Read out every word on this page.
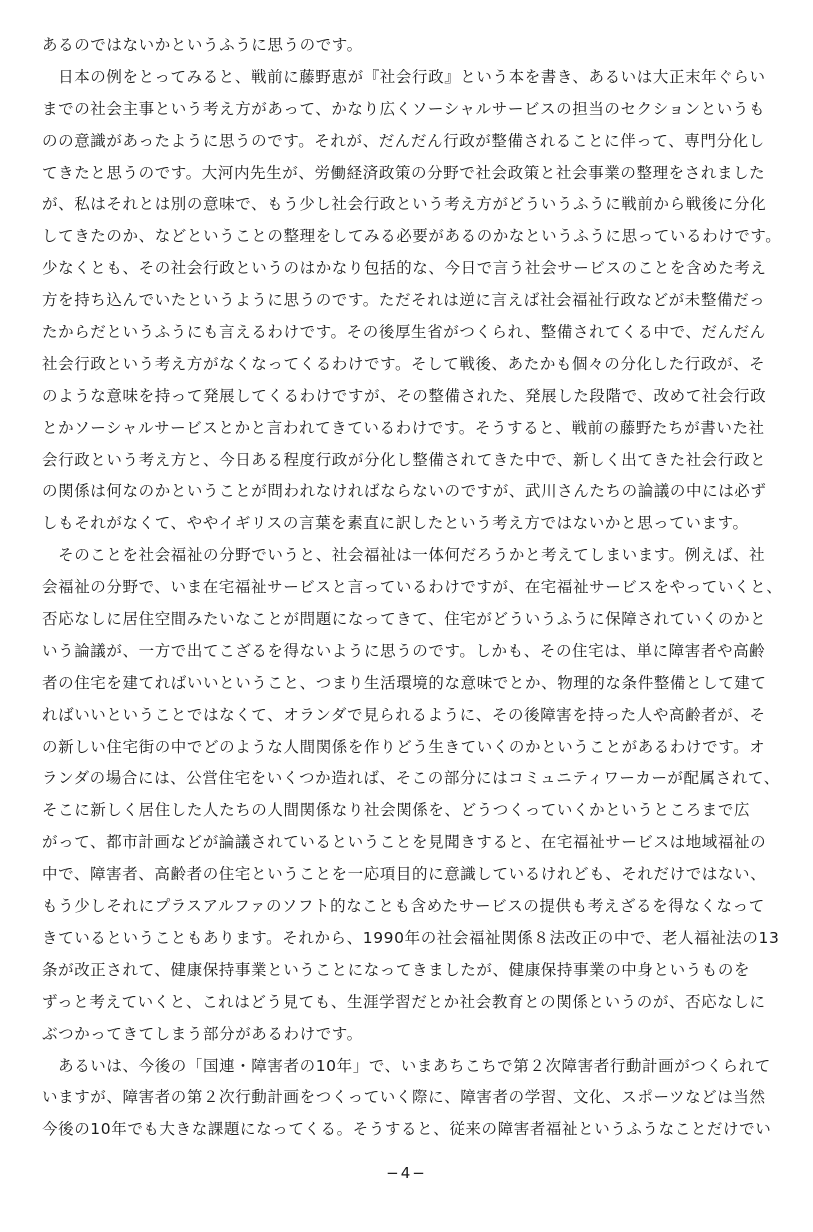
あるのではないかというふうに思うのです。
　日本の例をとってみると、戦前に藤野恵が『社会行政』という本を書き、あるいは大正末年ぐらい
までの社会主事という考え方があって、かなり広くソーシャルサービスの担当のセクションというも
のの意識があったように思うのです。それが、だんだん行政が整備されることに伴って、専門分化し
てきたと思うのです。大河内先生が、労働経済政策の分野で社会政策と社会事業の整理をされました
が、私はそれとは別の意味で、もう少し社会行政という考え方がどういうふうに戦前から戦後に分化
してきたのか、などということの整理をしてみる必要があるのかなというふうに思っているわけです。
少なくとも、その社会行政というのはかなり包括的な、今日で言う社会サービスのことを含めた考え
方を持ち込んでいたというように思うのです。ただそれは逆に言えば社会福祉行政などが未整備だっ
たからだというふうにも言えるわけです。その後厚生省がつくられ、整備されてくる中で、だんだん
社会行政という考え方がなくなってくるわけです。そして戦後、あたかも個々の分化した行政が、そ
のような意味を持って発展してくるわけですが、その整備された、発展した段階で、改めて社会行政
とかソーシャルサービスとかと言われてきているわけです。そうすると、戦前の藤野たちが書いた社
会行政という考え方と、今日ある程度行政が分化し整備されてきた中で、新しく出てきた社会行政と
の関係は何なのかということが問われなければならないのですが、武川さんたちの論議の中には必ず
しもそれがなくて、ややイギリスの言葉を素直に訳したという考え方ではないかと思っています。
　そのことを社会福祉の分野でいうと、社会福祉は一体何だろうかと考えてしまいます。例えば、社
会福祉の分野で、いま在宅福祉サービスと言っているわけですが、在宅福祉サービスをやっていくと、
否応なしに居住空間みたいなことが問題になってきて、住宅がどういうふうに保障されていくのかと
いう論議が、一方で出てこざるを得ないように思うのです。しかも、その住宅は、単に障害者や高齢
者の住宅を建てればいいということ、つまり生活環境的な意味でとか、物理的な条件整備として建て
ればいいということではなくて、オランダで見られるように、その後障害を持った人や高齢者が、そ
の新しい住宅街の中でどのような人間関係を作りどう生きていくのかということがあるわけです。オ
ランダの場合には、公営住宅をいくつか造れば、そこの部分にはコミュニティワーカーが配属されて、
そこに新しく居住した人たちの人間関係なり社会関係を、どうつくっていくかというところまで広
がって、都市計画などが論議されているということを見聞きすると、在宅福祉サービスは地域福祉の
中で、障害者、高齢者の住宅ということを一応項目的に意識しているけれども、それだけではない、
もう少しそれにプラスアルファのソフト的なことも含めたサービスの提供も考えざるを得なくなって
きているということもあります。それから、1990年の社会福祉関係８法改正の中で、老人福祉法の13
条が改正されて、健康保持事業ということになってきましたが、健康保持事業の中身というものを
ずっと考えていくと、これはどう見ても、生涯学習だとか社会教育との関係というのが、否応なしに
ぶつかってきてしまう部分があるわけです。
　あるいは、今後の「国連・障害者の10年」で、いまあちこちで第２次障害者行動計画がつくられて
いますが、障害者の第２次行動計画をつくっていく際に、障害者の学習、文化、スポーツなどは当然
今後の10年でも大きな課題になってくる。そうすると、従来の障害者福祉というふうなことだけでい
−4−
